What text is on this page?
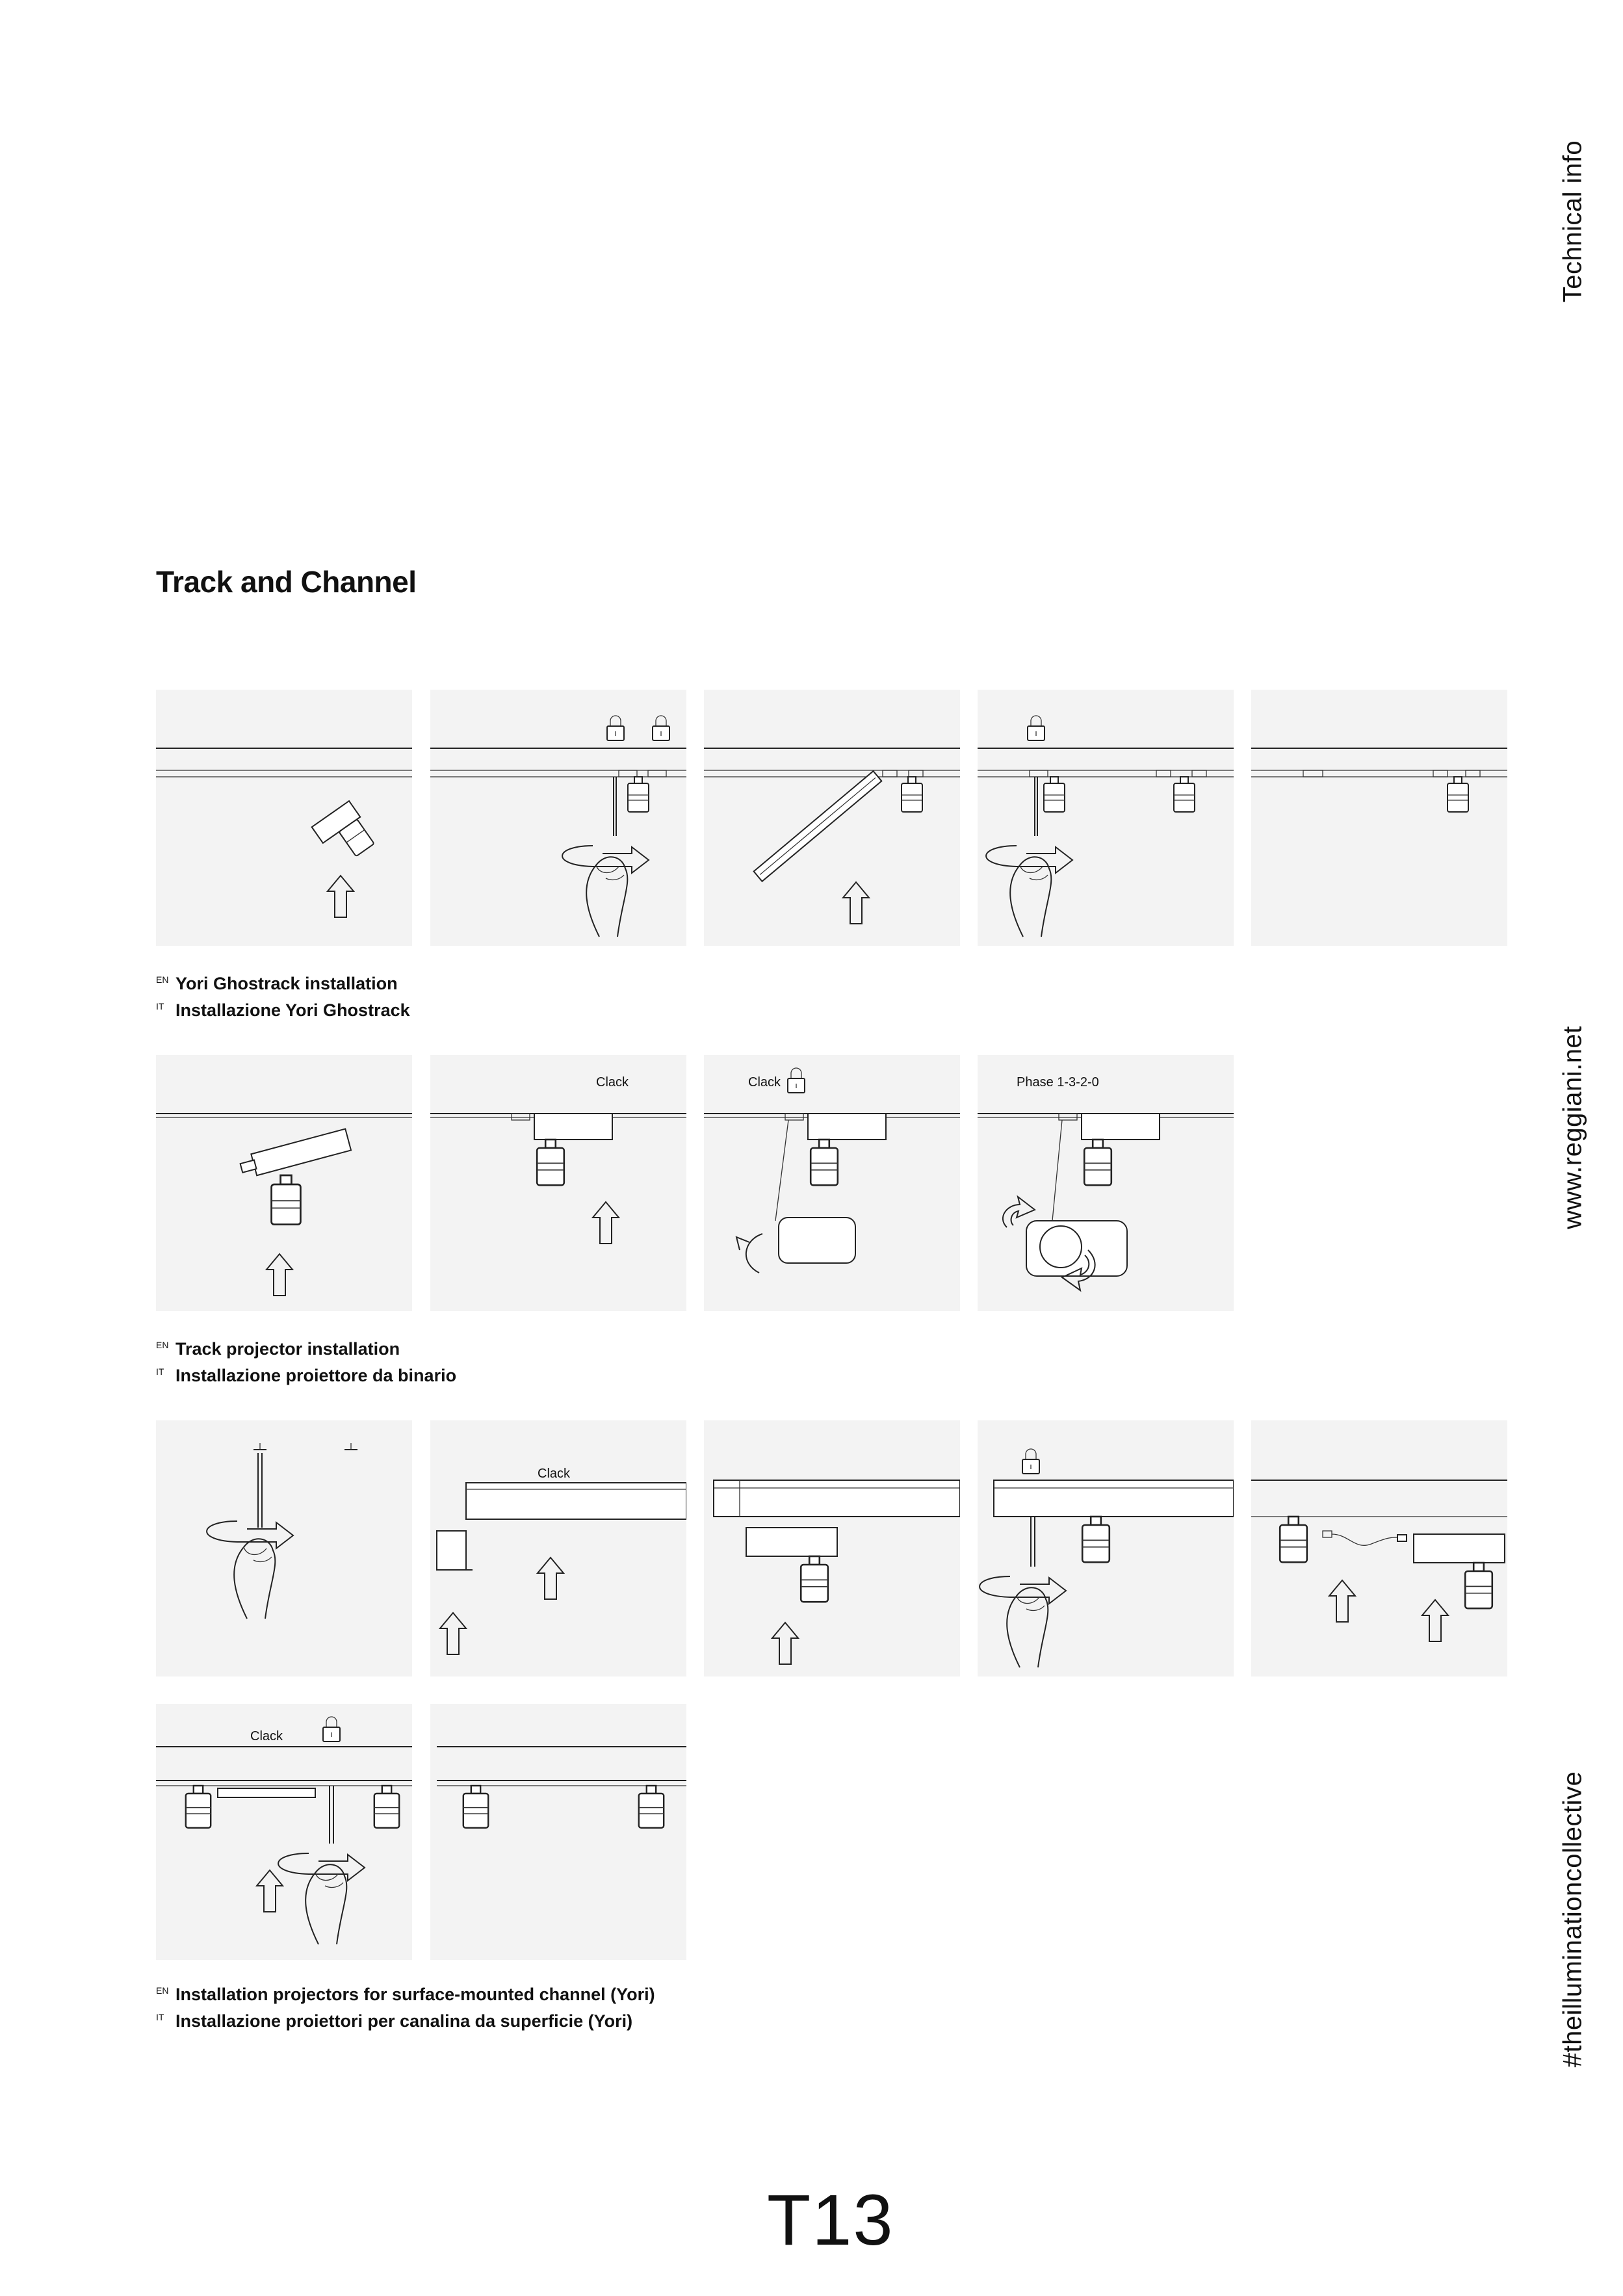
Technical info
www.reggiani.net
#theilluminationcollective
Track and Channel
$^{EN}$ Yori Ghostrack installation
$^{IT}$ Installazione Yori Ghostrack
Clack	Clack	Phase 1-3-2-0
$^{EN}$ Track projector installation
$^{IT}$ Installazione proiettore da binario
Clack
Clack
$^{EN}$ Installation projectors for surface-mounted channel (Yori)
$^{IT}$ Installazione proiettori per canalina da superficie (Yori)
T13
